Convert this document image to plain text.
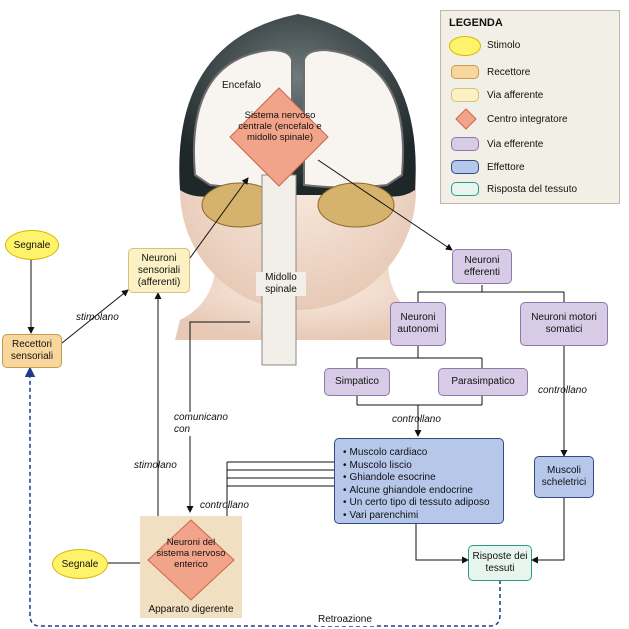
LEGENDA
Stimolo
Recettore
Via afferente
Centro integratore
Via efferente
Effettore
Risposta del tessuto
Encefalo
Sistema nervoso centrale (encefalo e midollo spinale)
Midollo spinale
Segnale
Recettori sensoriali
Neuroni sensoriali (afferenti)
stimolano
Neuroni efferenti
Neuroni autonomi
Neuroni motori somatici
Simpatico	Parasimpatico
controllano
controllano
• Muscolo cardiaco
• Muscolo liscio
• Ghiandole esocrine
• Alcune ghiandole endocrine
• Un certo tipo di tessuto adiposo
• Vari parenchimi
Muscoli scheletrici
Risposte dei tessuti
Neuroni del sistema nervoso enterico
Apparato digerente
Segnale
stimolano
comunicano con
controllano
Retroazione
